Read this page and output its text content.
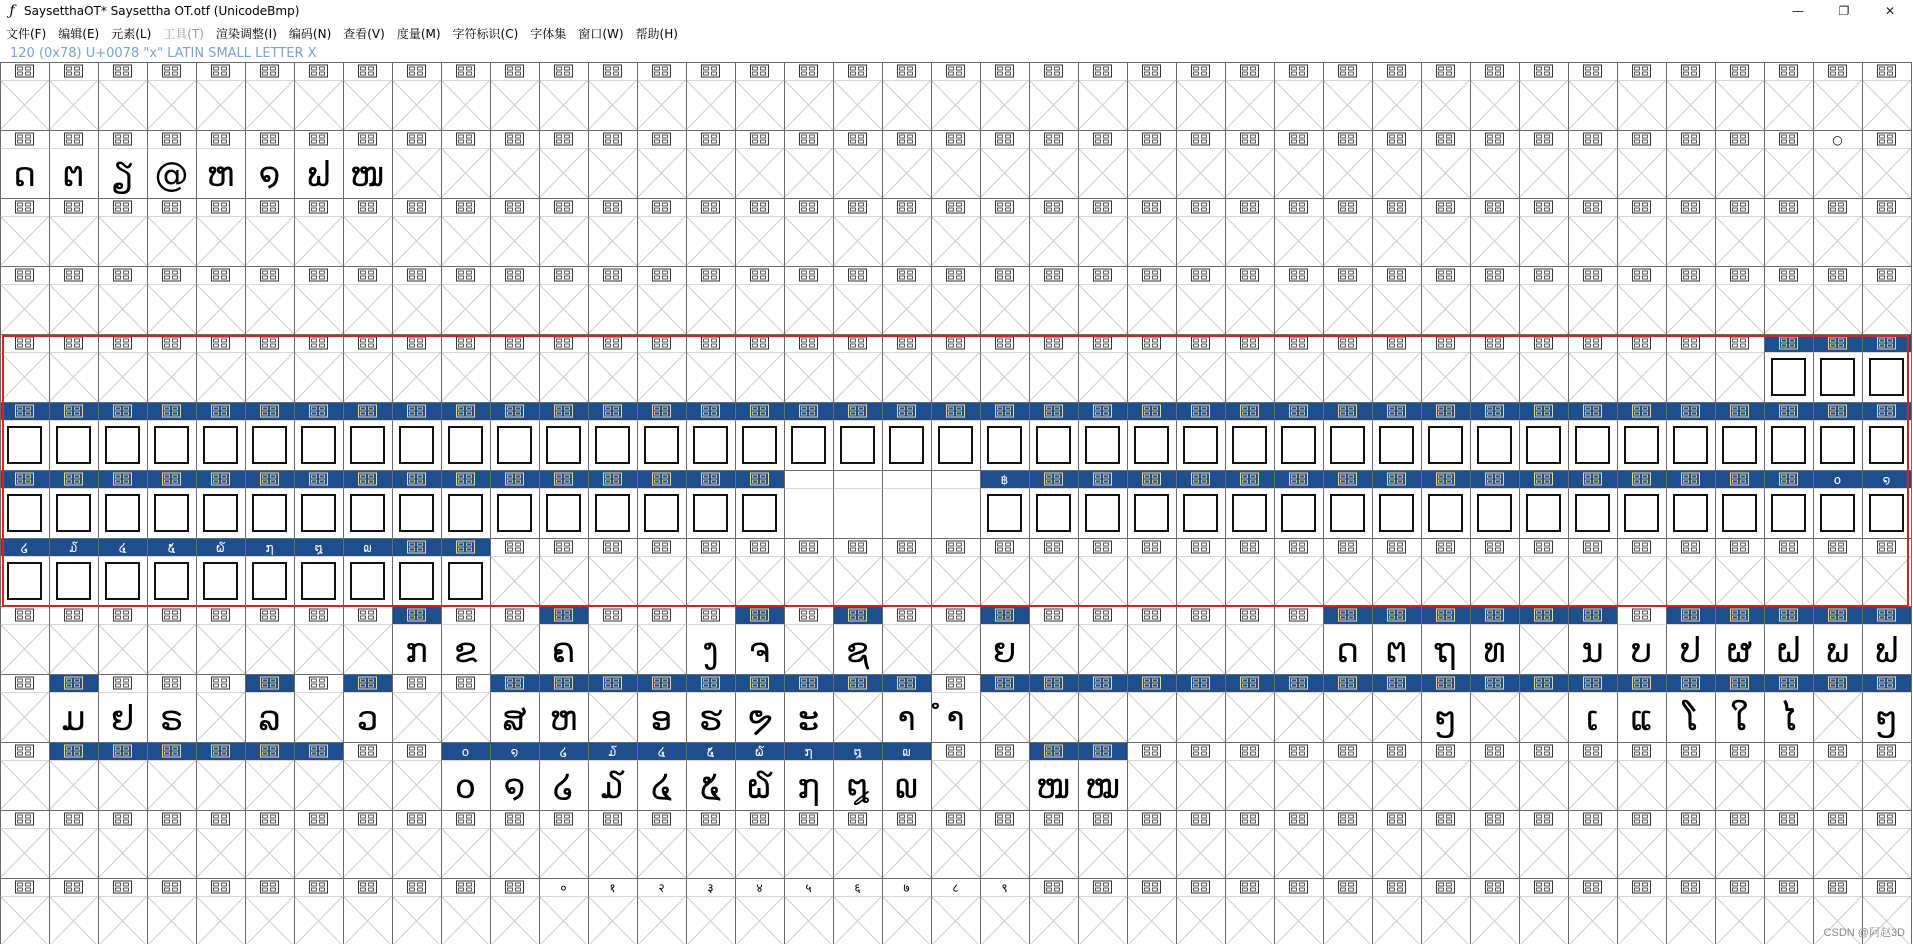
ƒ SaysetthaOT* Saysettha OT.otf (UnicodeBmp)	—	❐	✕
文件(F)	编辑(E)	元素(L)	工具(T)	渲染调整(I)	编码(N)	查看(V)	度量(M)	字符标识(C)	字体集	窗口(W)	帮助(H)
120 (0x78) U+0078 "x" LATIN SMALL LETTER X
ດ ຕ ຽ @ ຫ ໑ ຟ ໜ
○
฿	໐	໑
໒	໓	໔	໕	໖	໗	໘	໙
ກ ຂ ຄ	ງ ຈ ຊ	ຍ	ດ ຕ ຖ ທ ນ ບ ປ ຜ ຝ ພ ຟ
ມ ຢ ຣ ລ ວ	ສ ຫ ອ ຮ ຯ ະ າ ຳ	ໆ	ເ ແ ໂ ໃ ໄ ໆ
໐
໐
໑
໑
໒
໒
໓
໓
໔
໔
໕
໕
໖
໖
໗
໗
໘
໘
໙
໙	ໜ ໝ
०	१	२	३	४	५	६	७	८	९
CSDN @阿赵3D
